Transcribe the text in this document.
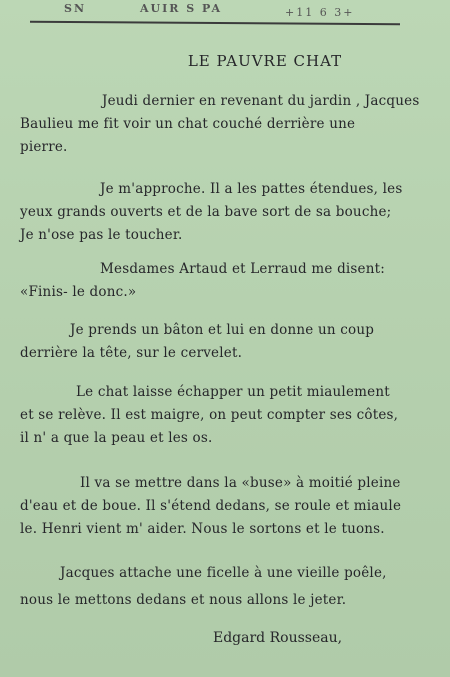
SN	AUIR S PA	+11 6 3+
LE PAUVRE CHAT
Jeudi dernier en revenant du jardin , Jacques
Baulieu me fit voir un chat couché derrière une
pierre.
Je m'approche. Il a les pattes étendues, les
yeux grands ouverts et de la bave sort de sa bouche;
Je n'ose pas le toucher.
Mesdames Artaud et Lerraud me disent:
«Finis- le donc.»
Je prends un bâton et lui en donne un coup
derrière la tête, sur le cervelet.
Le chat laisse échapper un petit miaulement
et se relève. Il est maigre, on peut compter ses côtes,
il n' a que la peau et les os.
Il va se mettre dans la «buse» à moitié pleine
d'eau et de boue. Il s'étend dedans, se roule et miaule
le. Henri vient m' aider. Nous le sortons et le tuons.
Jacques attache une ficelle à une vieille poêle,
nous le mettons dedans et nous allons le jeter.
Edgard Rousseau,
